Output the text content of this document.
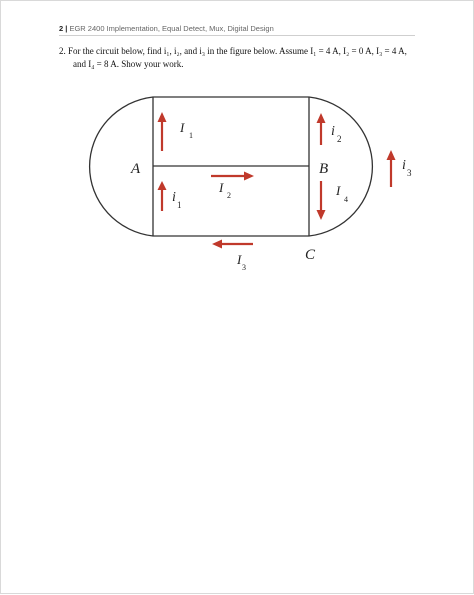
2 | EGR 2400 Implementation, Equal Detect, Mux, Digital Design
2. For the circuit below, find i₁, i₂, and i₃ in the figure below. Assume I₁ = 4 A, I₂ = 0 A, I₃ = 4 A,
and I₄ = 8 A. Show your work.
A	B
C
I
1
i 1
I
2
I
3
i 2
I
4
i 3
